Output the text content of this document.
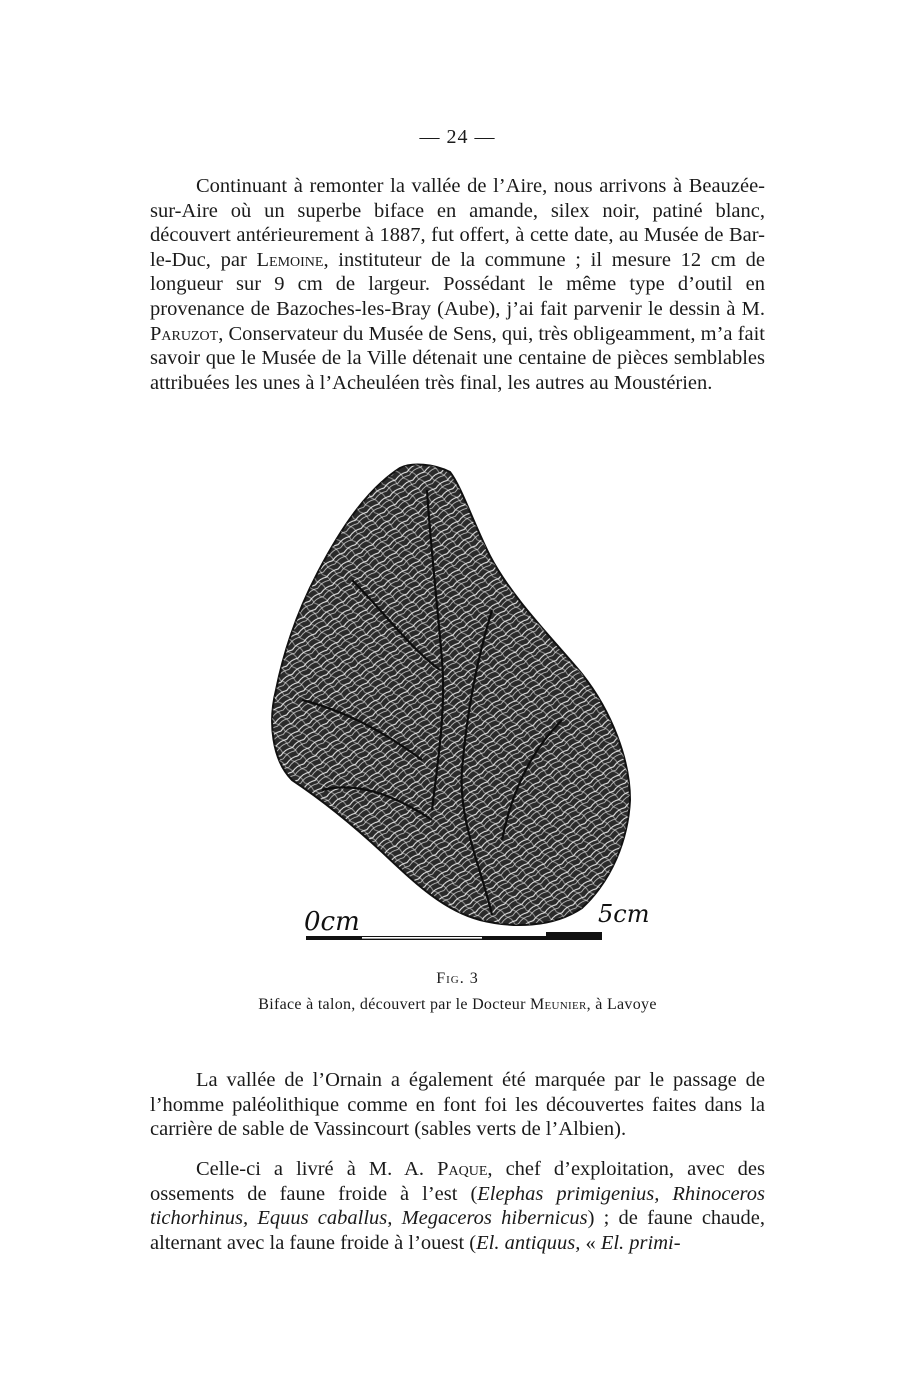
— 24 —

Continuant à remonter la vallée de l’Aire, nous arrivons à Beauzée-sur-Aire où un superbe biface en amande, silex noir, patiné blanc, découvert antérieurement à 1887, fut offert, à cette date, au Musée de Bar-le-Duc, par Lemoine, instituteur de la commune ; il mesure 12 cm de longueur sur 9 cm de largeur. Possédant le même type d’outil en provenance de Bazoches-les-Bray (Aube), j’ai fait parvenir le dessin à M. Paruzot, Conservateur du Musée de Sens, qui, très obligeamment, m’a fait savoir que le Musée de la Ville détenait une centaine de pièces semblables attribuées les unes à l’Acheuléen très final, les autres au Moustérien.

0cm	5cm
Fig. 3
Biface à talon, découvert par le Docteur Meunier, à Lavoye

La vallée de l’Ornain a également été marquée par le passage de l’homme paléolithique comme en font foi les découvertes faites dans la carrière de sable de Vassincourt (sables verts de l’Albien).

Celle-ci a livré à M. A. Paque, chef d’exploitation, avec des ossements de faune froide à l’est (Elephas primigenius, Rhinoceros tichorhinus, Equus caballus, Megaceros hibernicus) ; de faune chaude, alternant avec la faune froide à l’ouest (El. antiquus, « El. primi-
